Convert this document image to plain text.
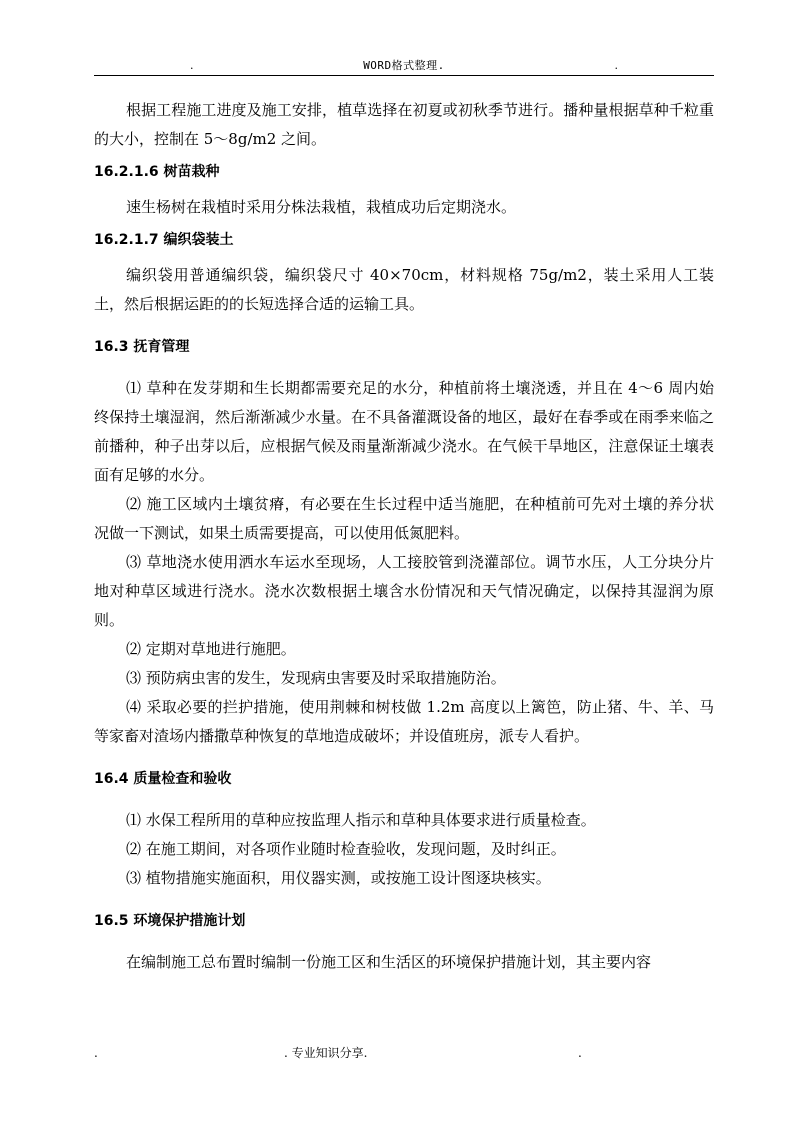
.	WORD格式整理.	.

根据工程施工进度及施工安排，植草选择在初夏或初秋季节进行。播种量根据草种千粒重的大小，控制在 5～8g/m2 之间。

16.2.1.6 树苗栽种

速生杨树在栽植时采用分株法栽植，栽植成功后定期浇水。

16.2.1.7 编织袋装土

编织袋用普通编织袋，编织袋尺寸 40×70cm，材料规格 75g/m2，装土采用人工装土，然后根据运距的的长短选择合适的运输工具。

16.3 抚育管理

⑴ 草种在发芽期和生长期都需要充足的水分，种植前将土壤浇透，并且在 4～6 周内始终保持土壤湿润，然后渐渐减少水量。在不具备灌溉设备的地区，最好在春季或在雨季来临之前播种，种子出芽以后，应根据气候及雨量渐渐减少浇水。在气候干旱地区，注意保证土壤表面有足够的水分。

⑵ 施工区域内土壤贫瘠，有必要在生长过程中适当施肥，在种植前可先对土壤的养分状况做一下测试，如果土质需要提高，可以使用低氮肥料。

⑶ 草地浇水使用洒水车运水至现场，人工接胶管到浇灌部位。调节水压，人工分块分片地对种草区域进行浇水。浇水次数根据土壤含水份情况和天气情况确定，以保持其湿润为原则。

⑵ 定期对草地进行施肥。

⑶ 预防病虫害的发生，发现病虫害要及时采取措施防治。

⑷ 采取必要的拦护措施，使用荆棘和树枝做 1.2m 高度以上篱笆，防止猪、牛、羊、马等家畜对渣场内播撒草种恢复的草地造成破坏；并设值班房，派专人看护。

16.4 质量检查和验收

⑴ 水保工程所用的草种应按监理人指示和草种具体要求进行质量检查。

⑵ 在施工期间，对各项作业随时检查验收，发现问题，及时纠正。

⑶ 植物措施实施面积，用仪器实测，或按施工设计图逐块核实。

16.5 环境保护措施计划

在编制施工总布置时编制一份施工区和生活区的环境保护措施计划，其主要内容

.	. 专业知识分享.	.
